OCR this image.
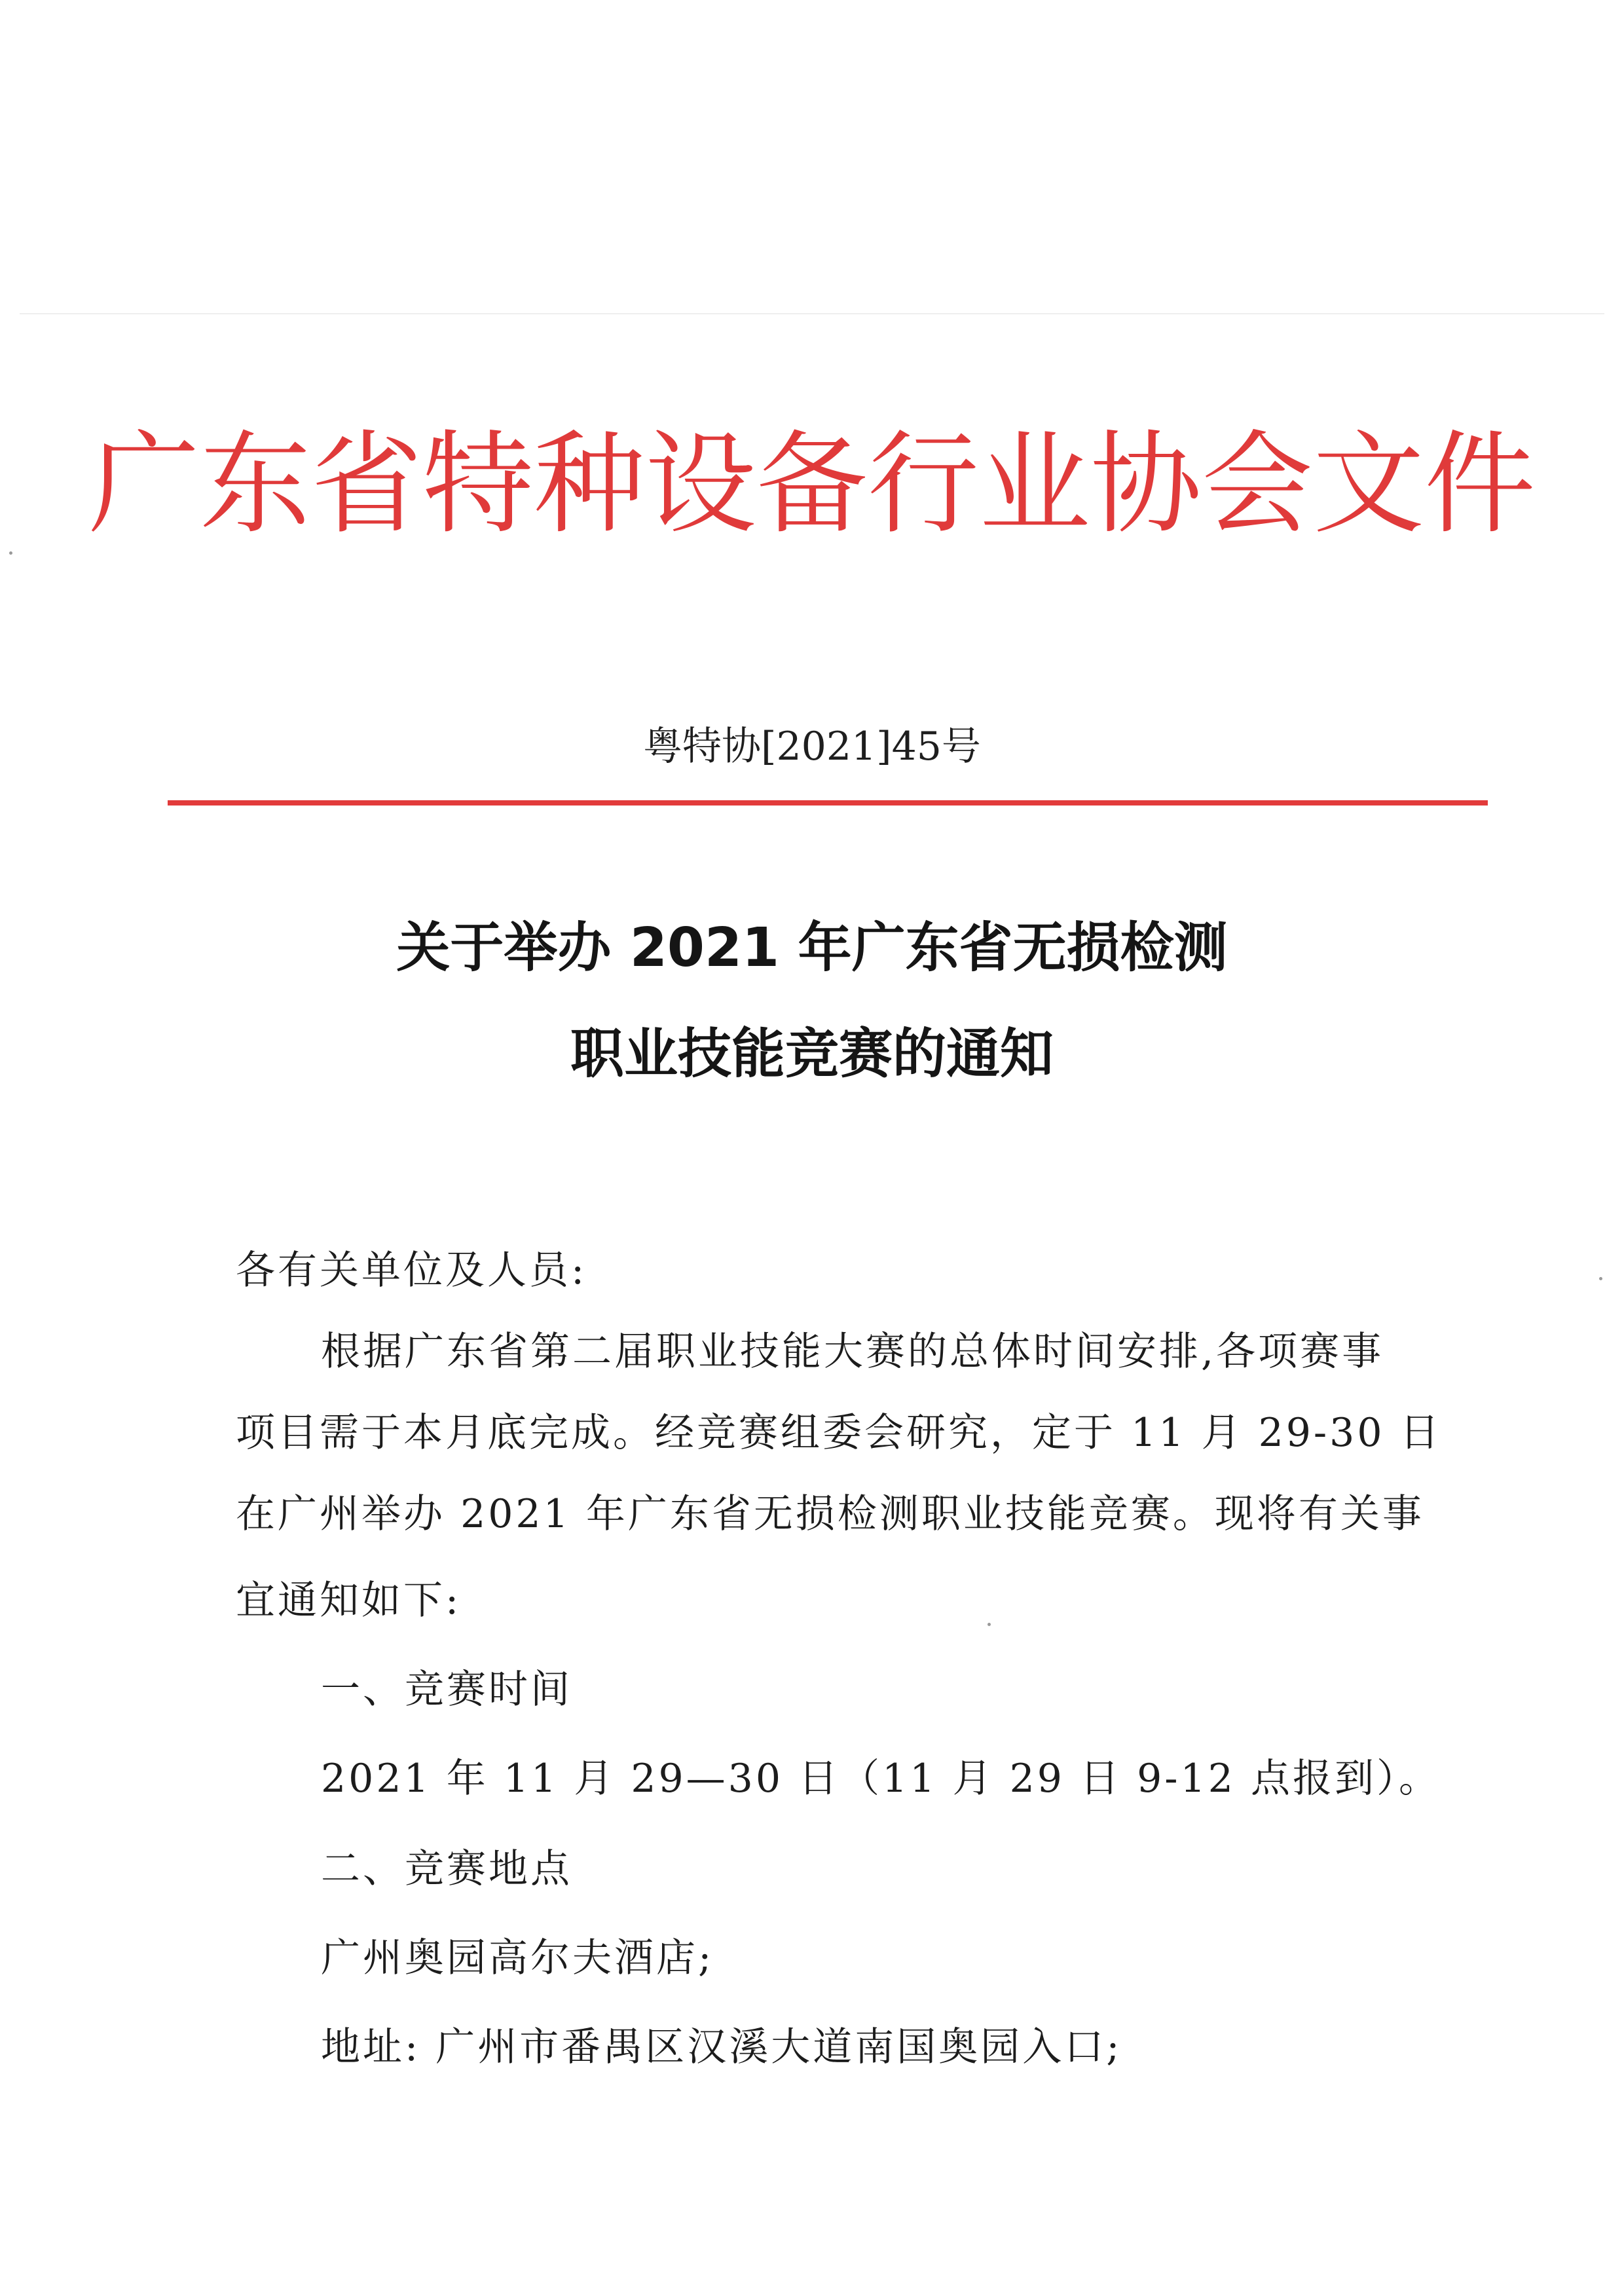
广东省特种设备行业协会文件
粤特协[2021]45号
关于举办 2021 年广东省无损检测
职业技能竞赛的通知
各有关单位及人员:
根据广东省第二届职业技能大赛的总体时间安排,各项赛事
项目需于本月底完成。经竞赛组委会研究，定于 11 月 29-30 日
在广州举办 2021 年广东省无损检测职业技能竞赛。现将有关事
宜通知如下:
一、竞赛时间
2021 年 11 月 29—30 日（11 月 29 日 9-12 点报到）。
二、竞赛地点
广州奥园高尔夫酒店;
地址: 广州市番禺区汉溪大道南国奥园入口;
